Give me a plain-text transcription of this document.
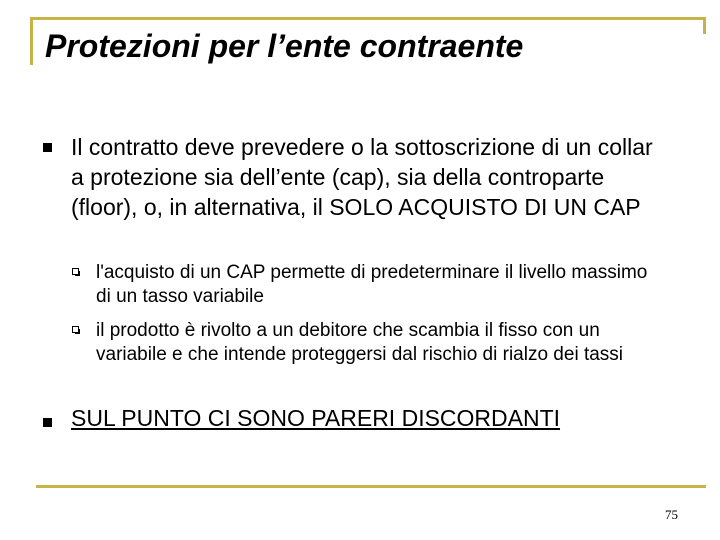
Protezioni per l’ente contraente
Il contratto deve prevedere o la sottoscrizione di un collar a protezione sia dell’ente (cap), sia della controparte (floor), o, in alternativa, il SOLO ACQUISTO DI UN CAP
l'acquisto di un CAP permette di predeterminare il livello massimo di un tasso variabile
il prodotto è rivolto a un debitore che scambia il fisso con un variabile e che intende proteggersi dal rischio di rialzo dei tassi
SUL PUNTO CI SONO PARERI DISCORDANTI
75
